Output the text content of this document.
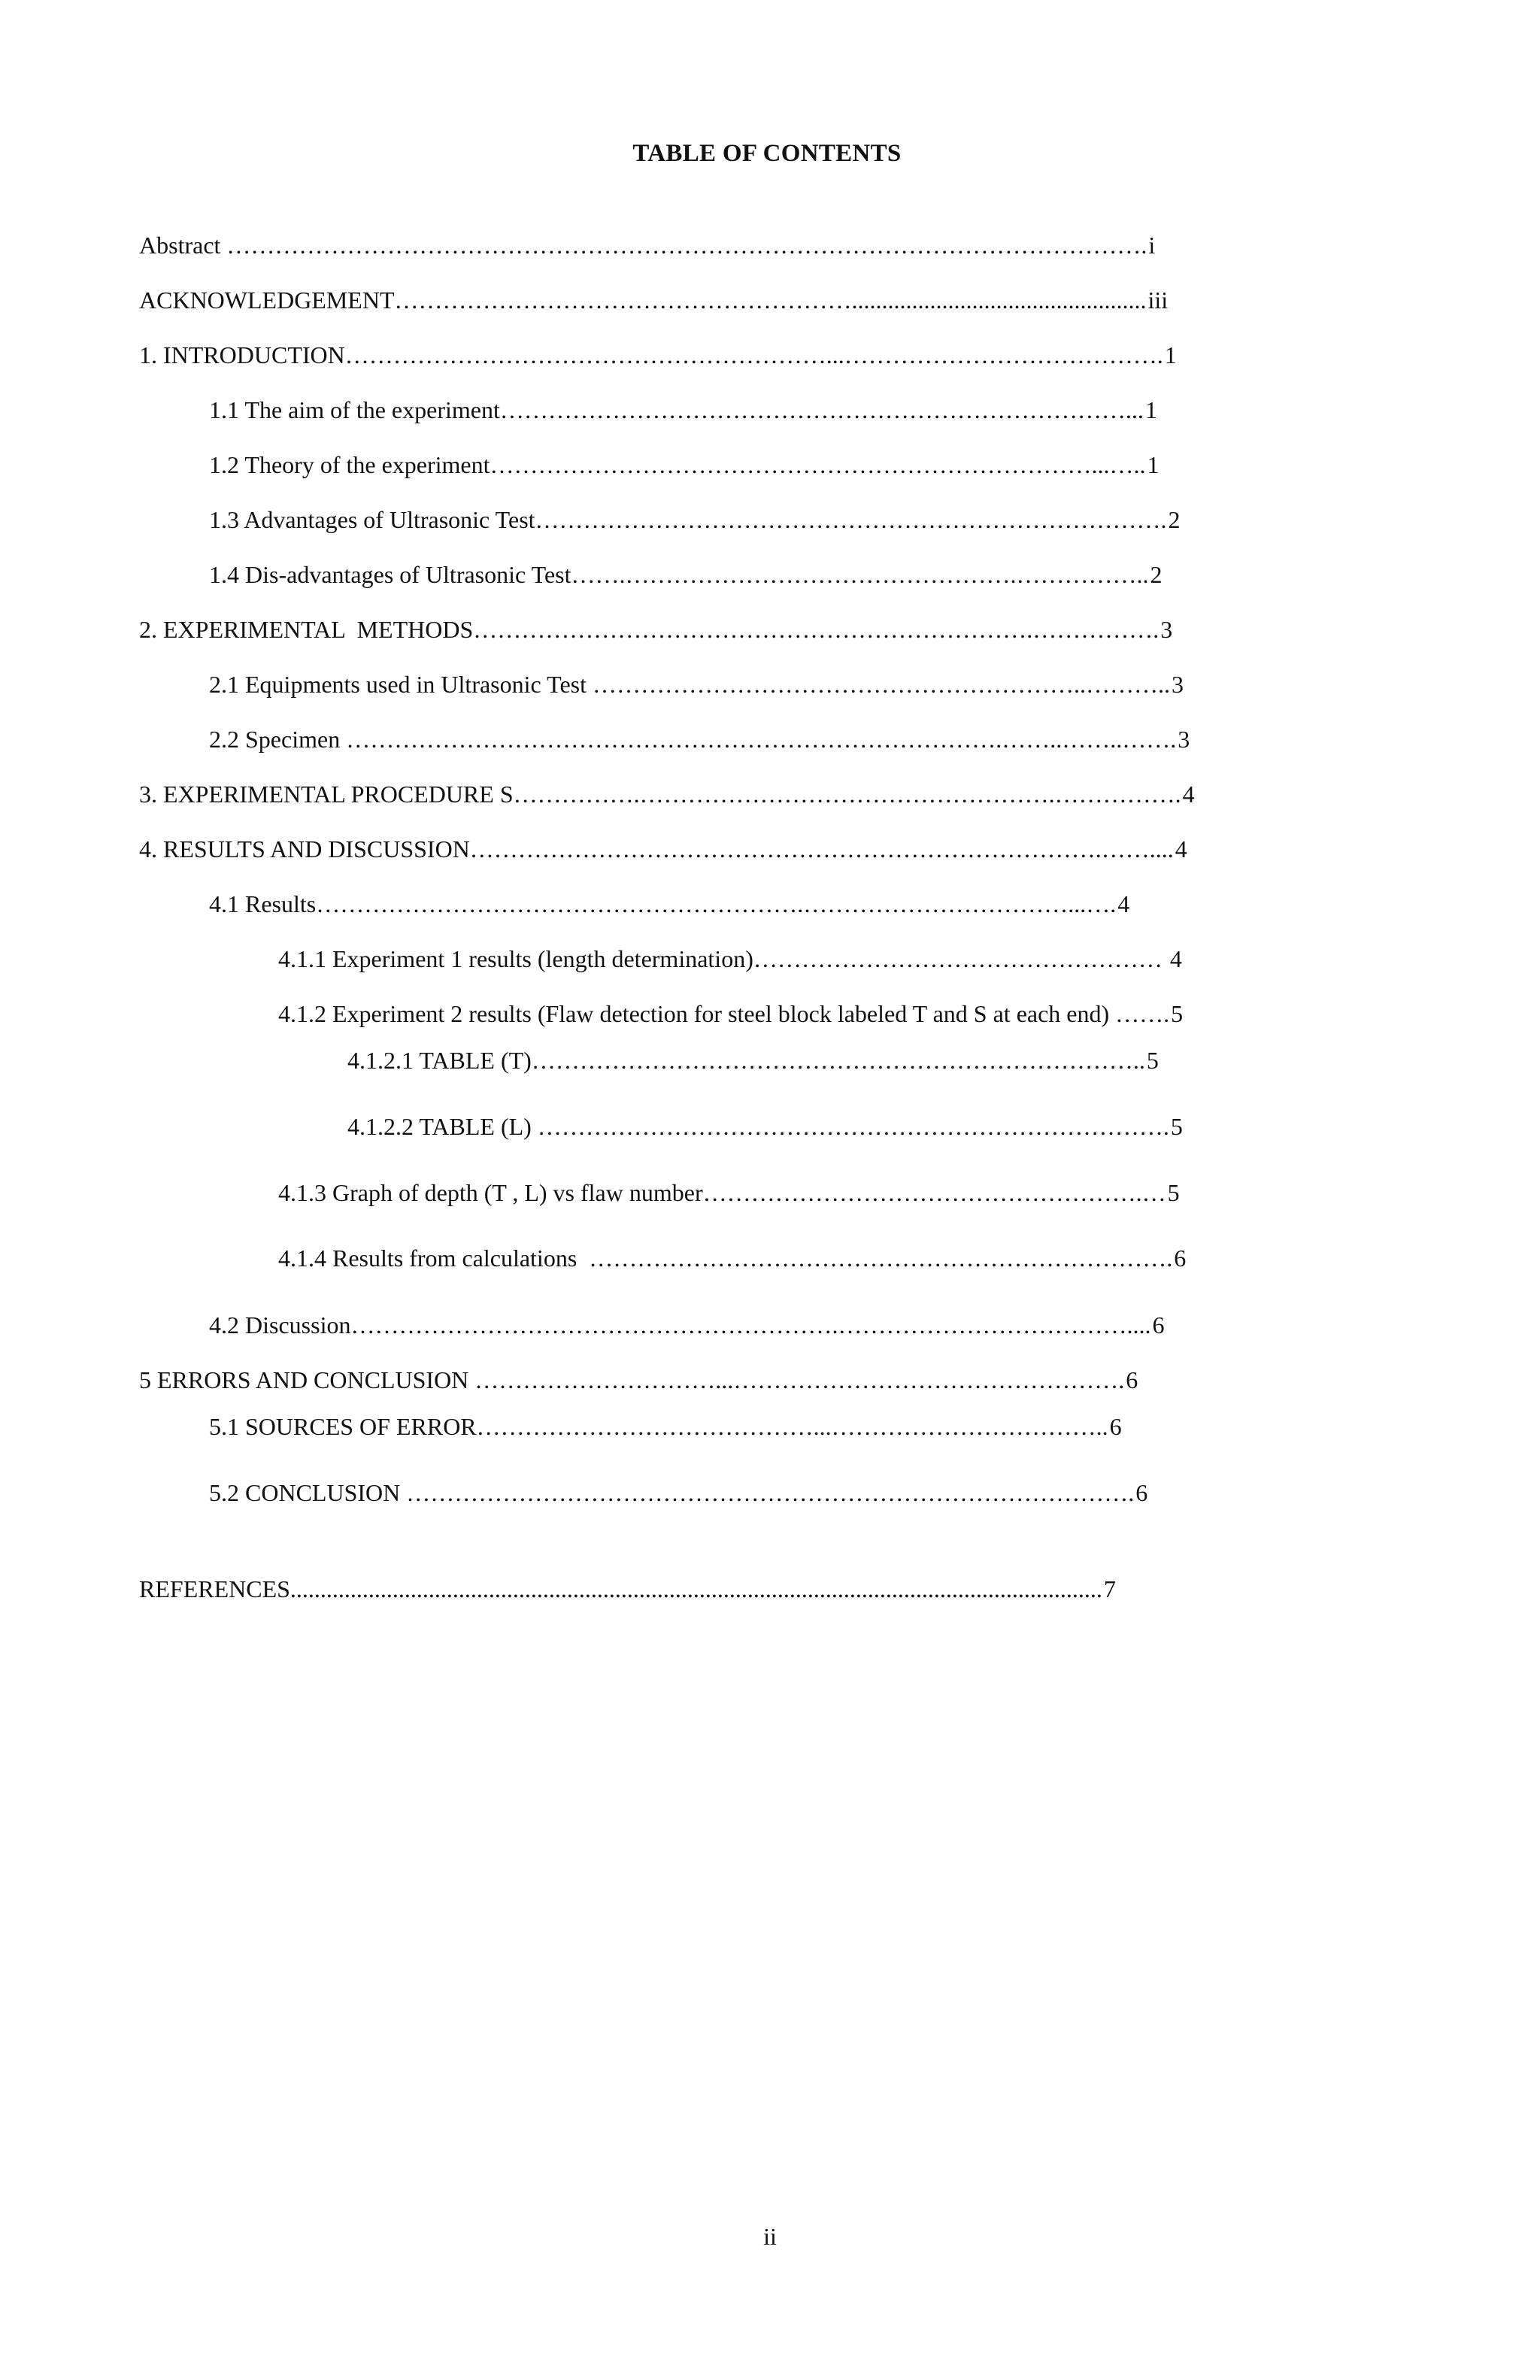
TABLE OF CONTENTS
Abstract ……………………………………………………………………………………………………. i
ACKNOWLEDGEMENT…………………………………………………................................................. iii
1. INTRODUCTION……………………………………………………...…………………………………. 1
1.1 The aim of the experiment……………………………………………………………………... 1
1.2 Theory of the experiment…………………………………………………………………...….. 1
1.3 Advantages of Ultrasonic Test……………………………………………………………………. 2
1.4 Dis-advantages of Ultrasonic Test…….………………………………………….…………….. 2
2. EXPERIMENTAL  METHODS…………………………………………………………….……………. 3
2.1 Equipments used in Ultrasonic Test ……………………………………………………..……….. 3
2.2 Specimen ……………………………………………………………………….……..……..……. 3
3. EXPERIMENTAL PROCEDURE S…………….…………………………………………….……………. 4
4. RESULTS AND DISCUSSION…………………………………………………………………….…….... 4
4.1 Results…………………………………………………….……………………………...…. 4
4.1.1 Experiment 1 results (length determination)…………………………………………… 4
4.1.2 Experiment 2 results (Flaw detection for steel block labeled T and S at each end) ……. 5
4.1.2.1 TABLE (T)………………………………………………………………….. 5
4.1.2.2 TABLE (L) ……………………………………………………………………. 5
4.1.3 Graph of depth (T , L) vs flaw number……………………………………………….… 5
4.1.4 Results from calculations  ………………………………………………………………. 6
4.2 Discussion…………………………………………………….……………………………….... 6
5 ERRORS AND CONCLUSION …………………………...…………………………………………. 6
5.1 SOURCES OF ERROR……………………………………...…………………………….. 6
5.2 CONCLUSION ………………………………………………………………………………. 6
REFERENCES....................................................................................................................................... 7
ii
